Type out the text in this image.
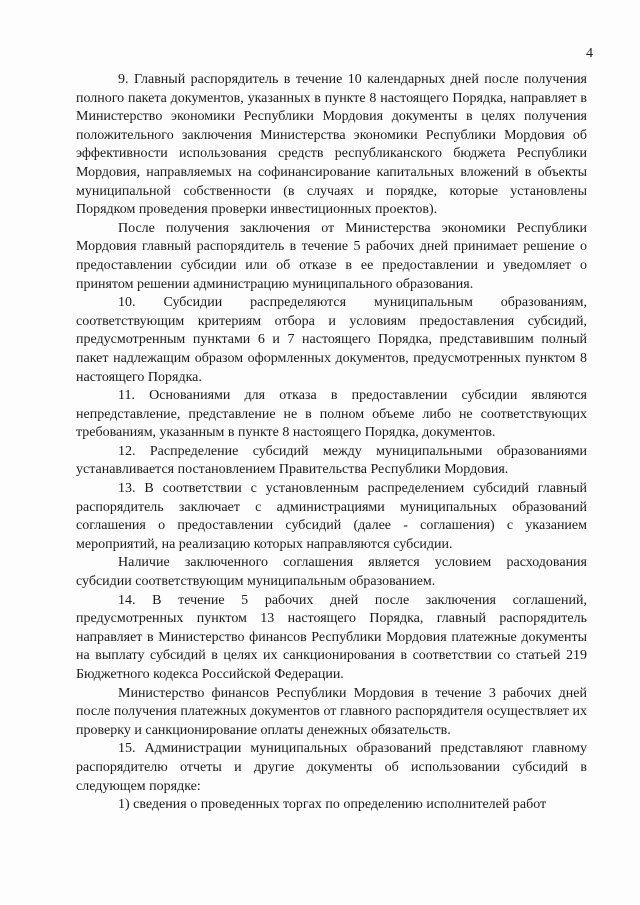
4

9. Главный распорядитель в течение 10 календарных дней после получения полного пакета документов, указанных в пункте 8 настоящего Порядка, направляет в Министерство экономики Республики Мордовия документы в целях получения положительного заключения Министерства экономики Республики Мордовия об эффективности использования средств республиканского бюджета Республики Мордовия, направляемых на софинансирование капитальных вложений в объекты муниципальной собственности (в случаях и порядке, которые установлены Порядком проведения проверки инвестиционных проектов).

После получения заключения от Министерства экономики Республики Мордовия главный распорядитель в течение 5 рабочих дней принимает решение о предоставлении субсидии или об отказе в ее предоставлении и уведомляет о принятом решении администрацию муниципального образования.

10. Субсидии распределяются муниципальным образованиям, соответствующим критериям отбора и условиям предоставления субсидий, предусмотренным пунктами 6 и 7 настоящего Порядка, представившим полный пакет надлежащим образом оформленных документов, предусмотренных пунктом 8 настоящего Порядка.

11. Основаниями для отказа в предоставлении субсидии являются непредставление, представление не в полном объеме либо не соответствующих требованиям, указанным в пункте 8 настоящего Порядка, документов.

12. Распределение субсидий между муниципальными образованиями устанавливается постановлением Правительства Республики Мордовия.

13. В соответствии с установленным распределением субсидий главный распорядитель заключает с администрациями муниципальных образований соглашения о предоставлении субсидий (далее - соглашения) с указанием мероприятий, на реализацию которых направляются субсидии.

Наличие заключенного соглашения является условием расходования субсидии соответствующим муниципальным образованием.

14. В течение 5 рабочих дней после заключения соглашений, предусмотренных пунктом 13 настоящего Порядка, главный распорядитель направляет в Министерство финансов Республики Мордовия платежные документы на выплату субсидий в целях их санкционирования в соответствии со статьей 219 Бюджетного кодекса Российской Федерации.

Министерство финансов Республики Мордовия в течение 3 рабочих дней после получения платежных документов от главного распорядителя осуществляет их проверку и санкционирование оплаты денежных обязательств.

15. Администрации муниципальных образований представляют главному распорядителю отчеты и другие документы об использовании субсидий в следующем порядке:

1) сведения о проведенных торгах по определению исполнителей работ
